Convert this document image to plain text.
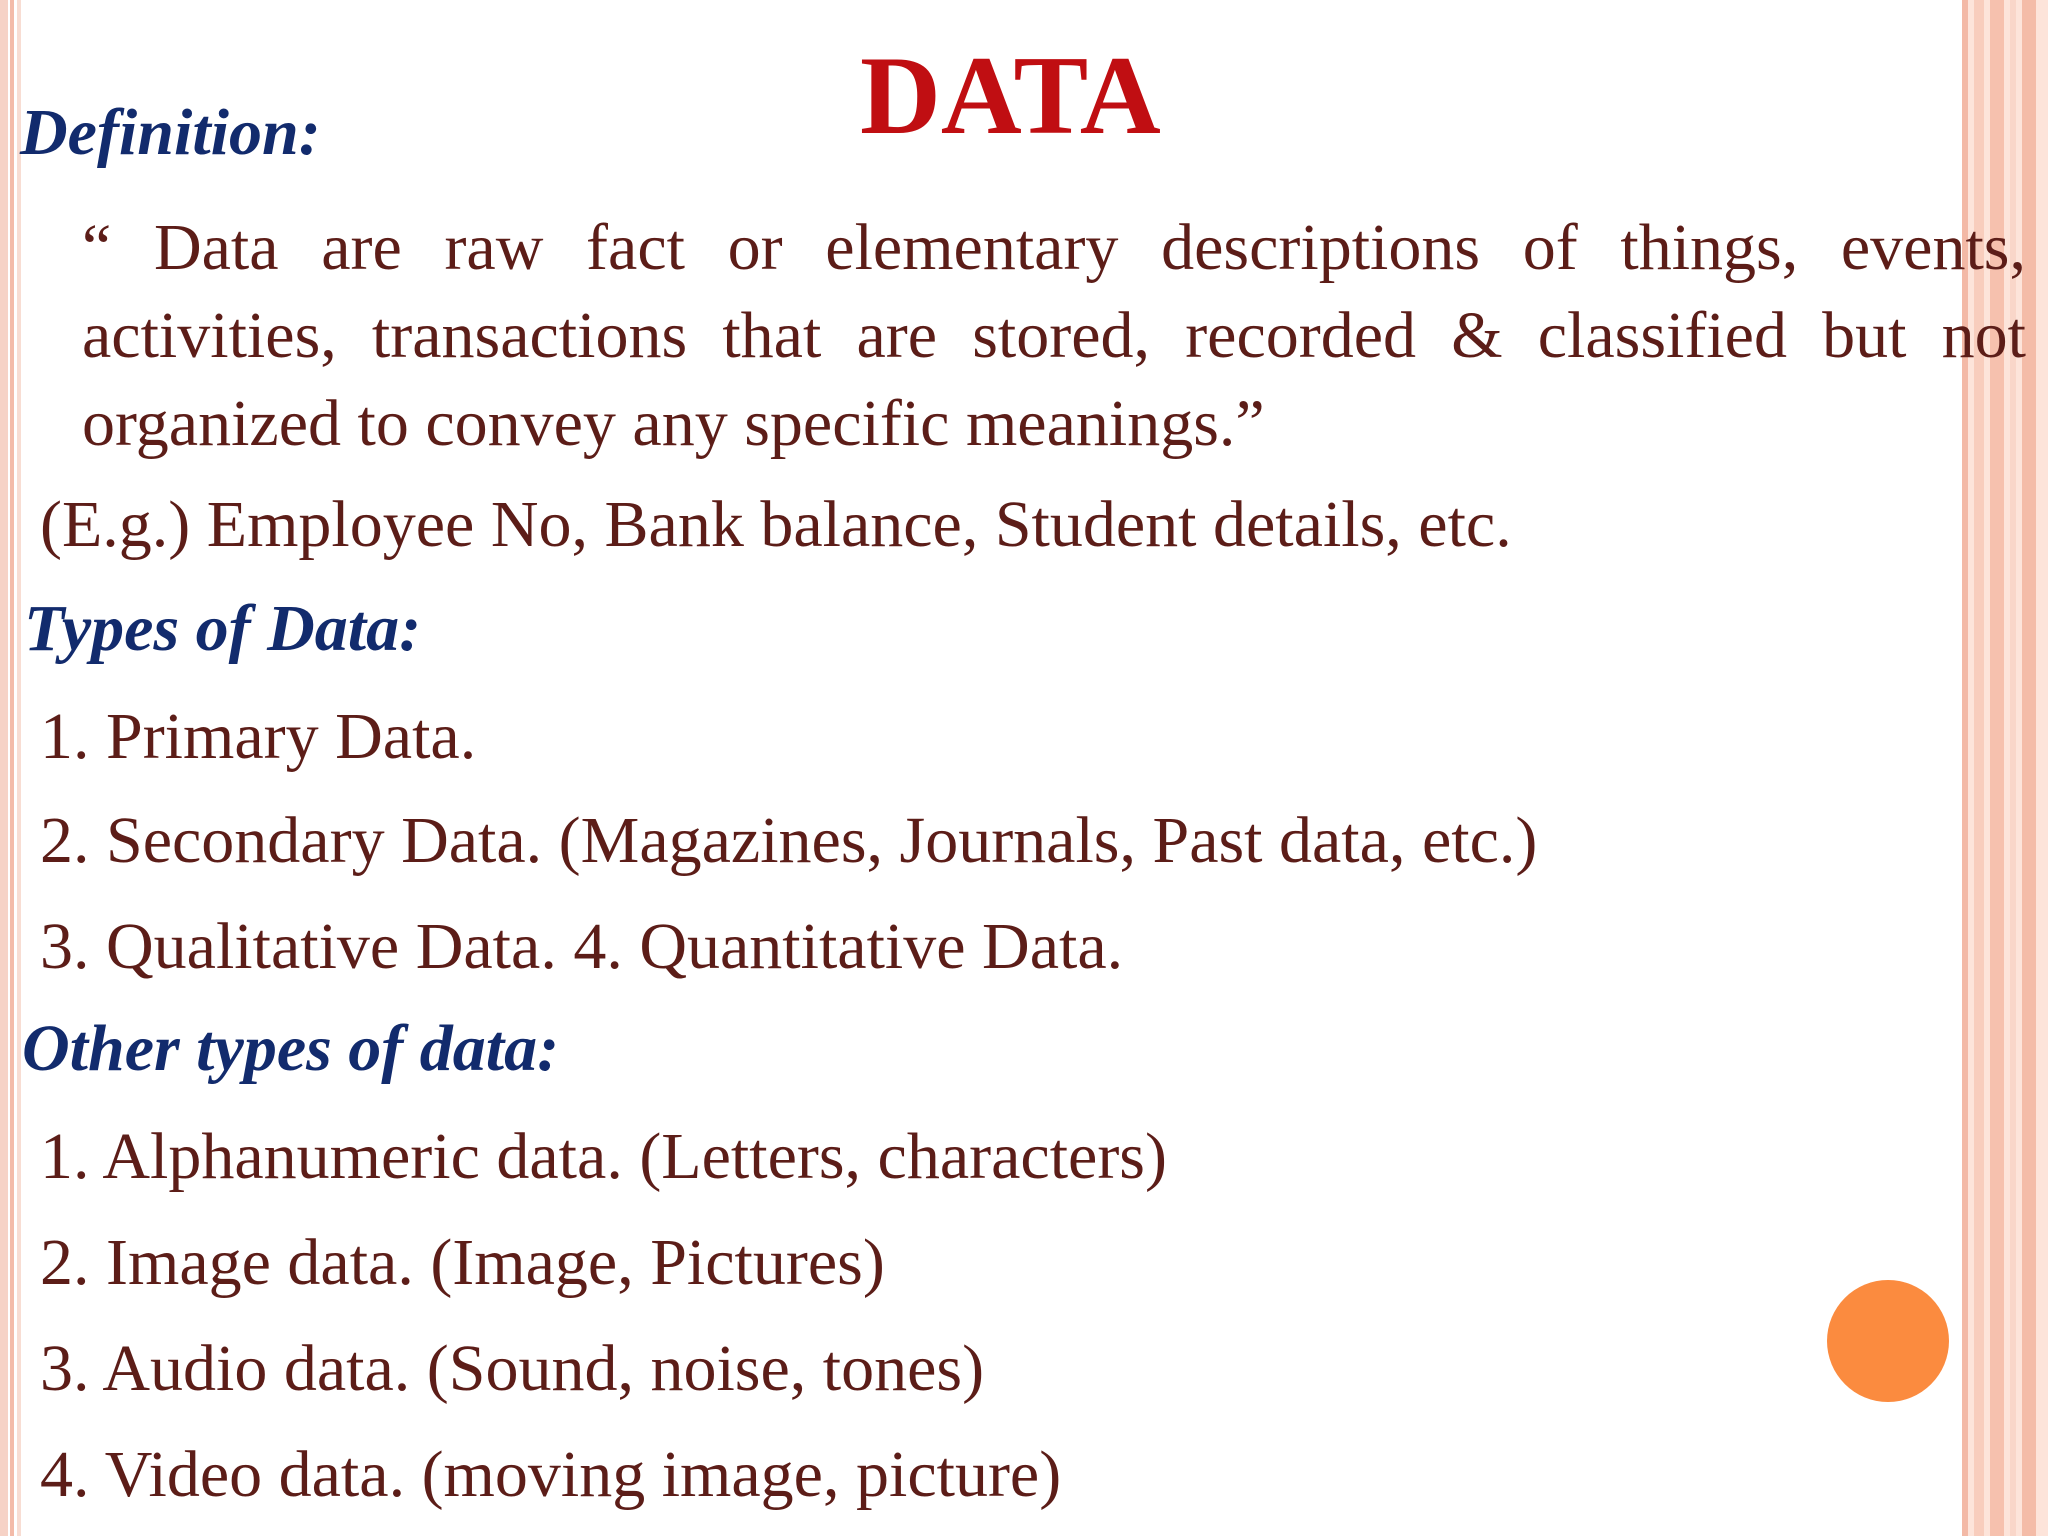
DATA
Definition:
“ Data are raw fact or elementary descriptions of things, events, activities, transactions that are stored, recorded & classified but not organized to convey any specific meanings.”
(E.g.) Employee No, Bank balance, Student details, etc.
Types of Data:
1. Primary Data.
2. Secondary Data. (Magazines, Journals, Past data, etc.)
3. Qualitative Data. 4. Quantitative Data.
Other types of data:
1. Alphanumeric data. (Letters, characters)
2. Image data. (Image, Pictures)
3. Audio data. (Sound, noise, tones)
4. Video data. (moving image, picture)
